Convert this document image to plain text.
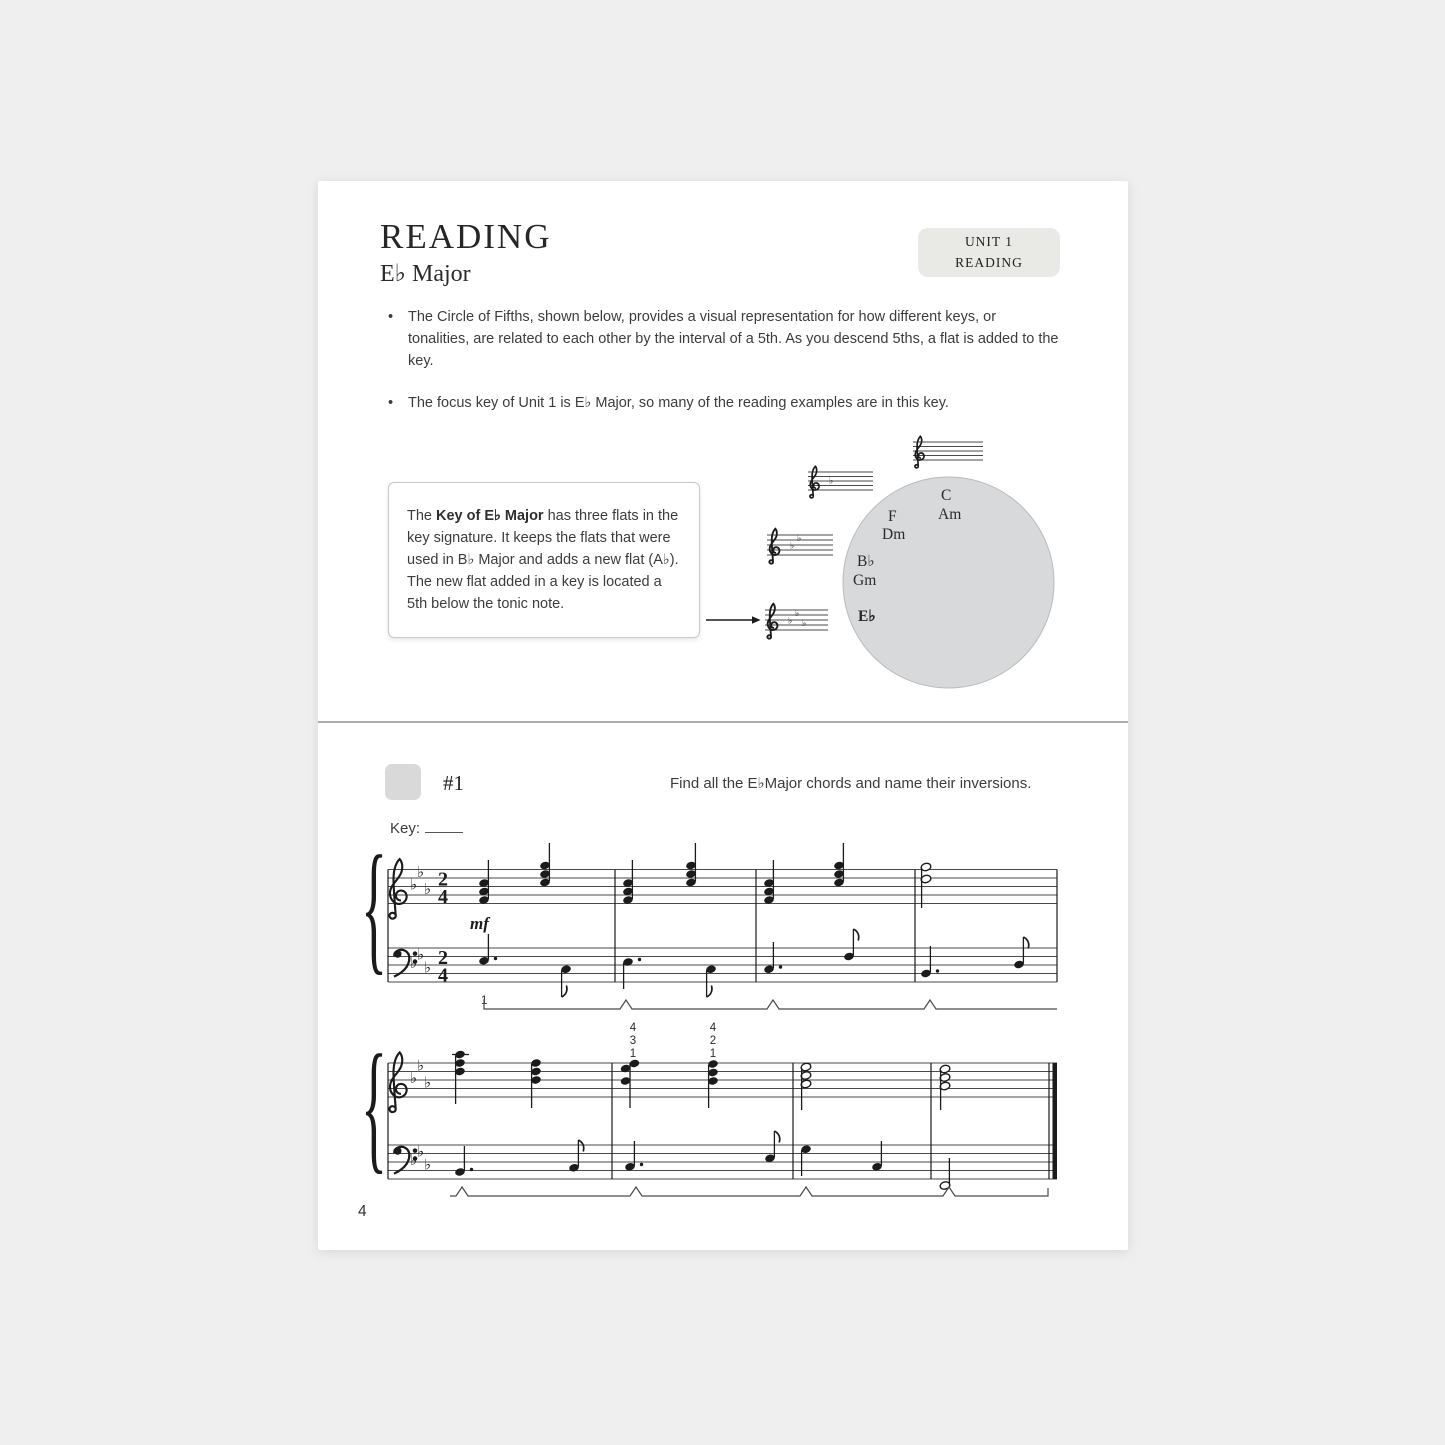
READING
E♭ Major
UNIT 1
READING
•	The Circle of Fifths, shown below, provides a visual representation for how different keys, or tonalities, are related to each other by the interval of a 5th. As you descend 5ths, a flat is added to the key.
•	The focus key of Unit 1 is E♭ Major, so many of the reading examples are in this key.
The Key of E♭ Major has three flats in the key signature. It keeps the flats that were used in B♭ Major and adds a new flat (A♭). The new flat added in a key is located a 5th below the tonic note.
C
Am
F
Dm
B♭
Gm
E♭
♭
♭
♭
♭
♭
♭
#1	Find all the E♭Major chords and name their inversions.
Key:
{ ♭
♭
♭
♭ ♭
♭
2
4
2
4
mf
1
4
3
1
4
2
1
{ ♭
♭
♭
♭ ♭
♭
4
